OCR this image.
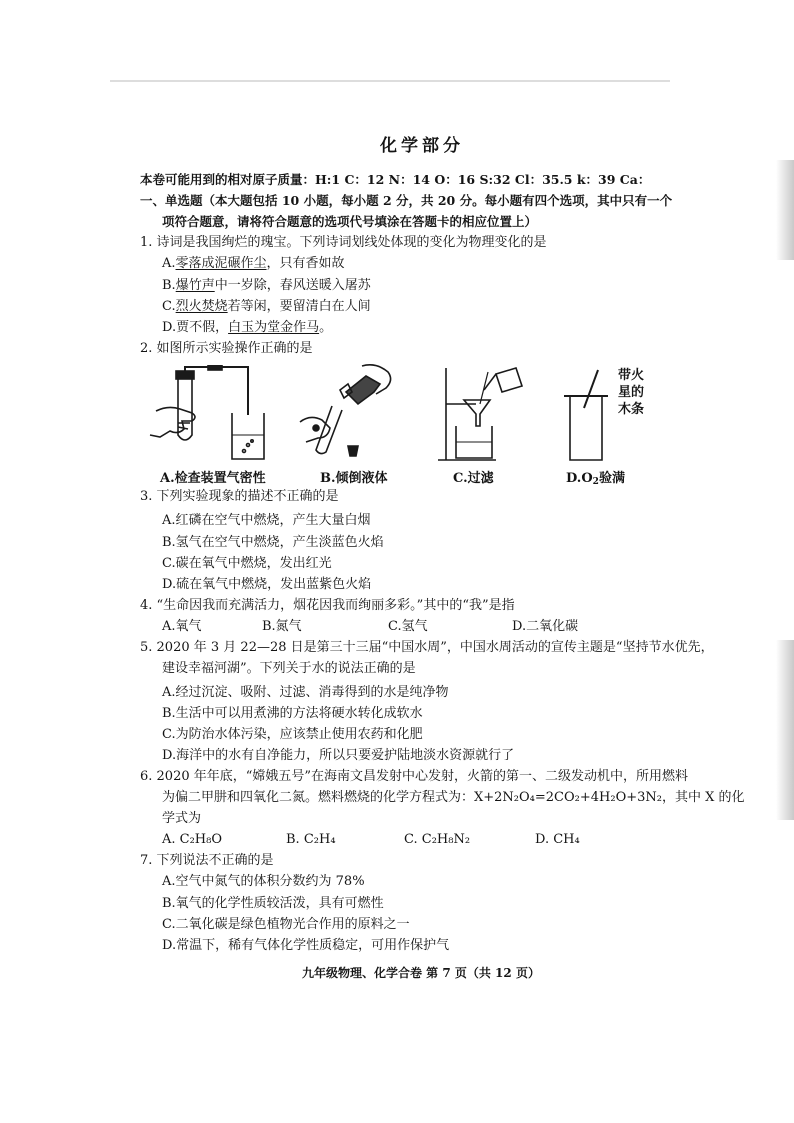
化学部分
本卷可能用到的相对原子质量：H:1 C：12 N：14 O：16 S:32 Cl：35.5 k：39 Ca：
一、单选题（本大题包括 10 小题，每小题 2 分，共 20 分。每小题有四个选项，其中只有一个
项符合题意，请将符合题意的选项代号填涂在答题卡的相应位置上）
1. 诗词是我国绚烂的瑰宝。下列诗词划线处体现的变化为物理变化的是
A.零落成泥碾作尘，只有香如故
B.爆竹声中一岁除，春风送暖入屠苏
C.烈火焚烧若等闲，要留清白在人间
D.贾不假，白玉为堂金作马。
2. 如图所示实验操作正确的是
A.检查装置气密性	B.倾倒液体	C.过滤
带火
星的
木条
$D.O_2$验满
3. 下列实验现象的描述不正确的是
A.红磷在空气中燃烧，产生大量白烟
B.氢气在空气中燃烧，产生淡蓝色火焰
C.碳在氧气中燃烧，发出红光
D.硫在氧气中燃烧，发出蓝紫色火焰
4. “生命因我而充满活力，烟花因我而绚丽多彩。”其中的“我”是指
A.氧气	B.氮气	C.氢气	D.二氧化碳
5. 2020 年 3 月 22—28 日是第三十三届“中国水周”，中国水周活动的宣传主题是“坚持节水优先，
建设幸福河湖”。下列关于水的说法正确的是
A.经过沉淀、吸附、过滤、消毒得到的水是纯净物
B.生活中可以用煮沸的方法将硬水转化成软水
C.为防治水体污染，应该禁止使用农药和化肥
D.海洋中的水有自净能力，所以只要爱护陆地淡水资源就行了
6. 2020 年年底，“嫦娥五号”在海南文昌发射中心发射，火箭的第一、二级发动机中，所用燃料
为偏二甲肼和四氧化二氮。燃料燃烧的化学方程式为：X+2N₂O₄=2CO₂+4H₂O+3N₂，其中 X 的化
学式为
A. C₂H₈O	B. C₂H₄	C. C₂H₈N₂	D. CH₄
7. 下列说法不正确的是
A.空气中氮气的体积分数约为 78%
B.氧气的化学性质较活泼，具有可燃性
C.二氧化碳是绿色植物光合作用的原料之一
D.常温下，稀有气体化学性质稳定，可用作保护气
九年级物理、化学合卷 第 7 页（共 12 页）
